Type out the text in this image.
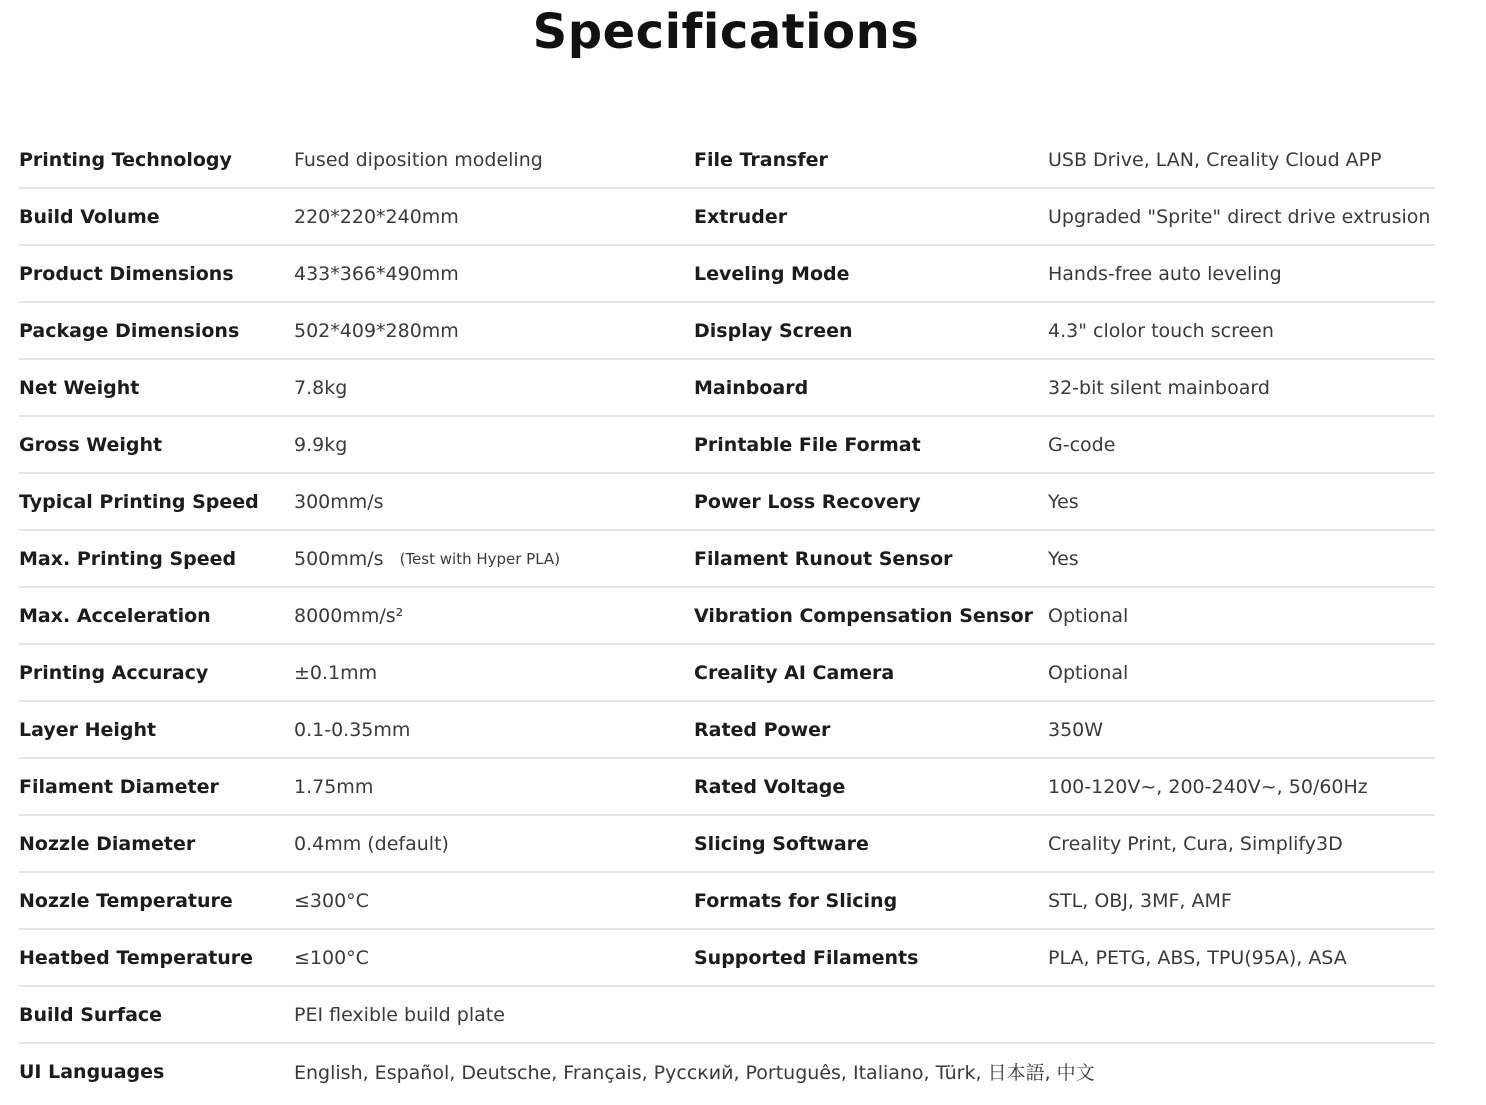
Specifications
Printing Technology	Fused diposition modeling	File Transfer	USB Drive, LAN, Creality Cloud APP
Build Volume	220*220*240mm	Extruder	Upgraded "Sprite" direct drive extrusion
Product Dimensions	433*366*490mm	Leveling Mode	Hands-free auto leveling
Package Dimensions	502*409*280mm	Display Screen	4.3" clolor touch screen
Net Weight	7.8kg	Mainboard	32-bit silent mainboard
Gross Weight	9.9kg	Printable File Format	G-code
Typical Printing Speed 300mm/s	Power Loss Recovery	Yes
Max. Printing Speed	500mm/s (Test with Hyper PLA)	Filament Runout Sensor	Yes
Max. Acceleration	8000mm/s²	Vibration Compensation Sensor Optional
Printing Accuracy	±0.1mm	Creality AI Camera	Optional
Layer Height	0.1-0.35mm	Rated Power	350W
Filament Diameter	1.75mm	Rated Voltage	100-120V~, 200-240V~, 50/60Hz
Nozzle Diameter	0.4mm (default)	Slicing Software	Creality Print, Cura, Simplify3D
Nozzle Temperature	≤300°C	Formats for Slicing	STL, OBJ, 3MF, AMF
Heatbed Temperature ≤100°C	Supported Filaments	PLA, PETG, ABS, TPU(95A), ASA
Build Surface	PEI flexible build plate
UI Languages	English, Español, Deutsche, Français, Русский, Português, Italiano, Türk, 日本語, 中文
